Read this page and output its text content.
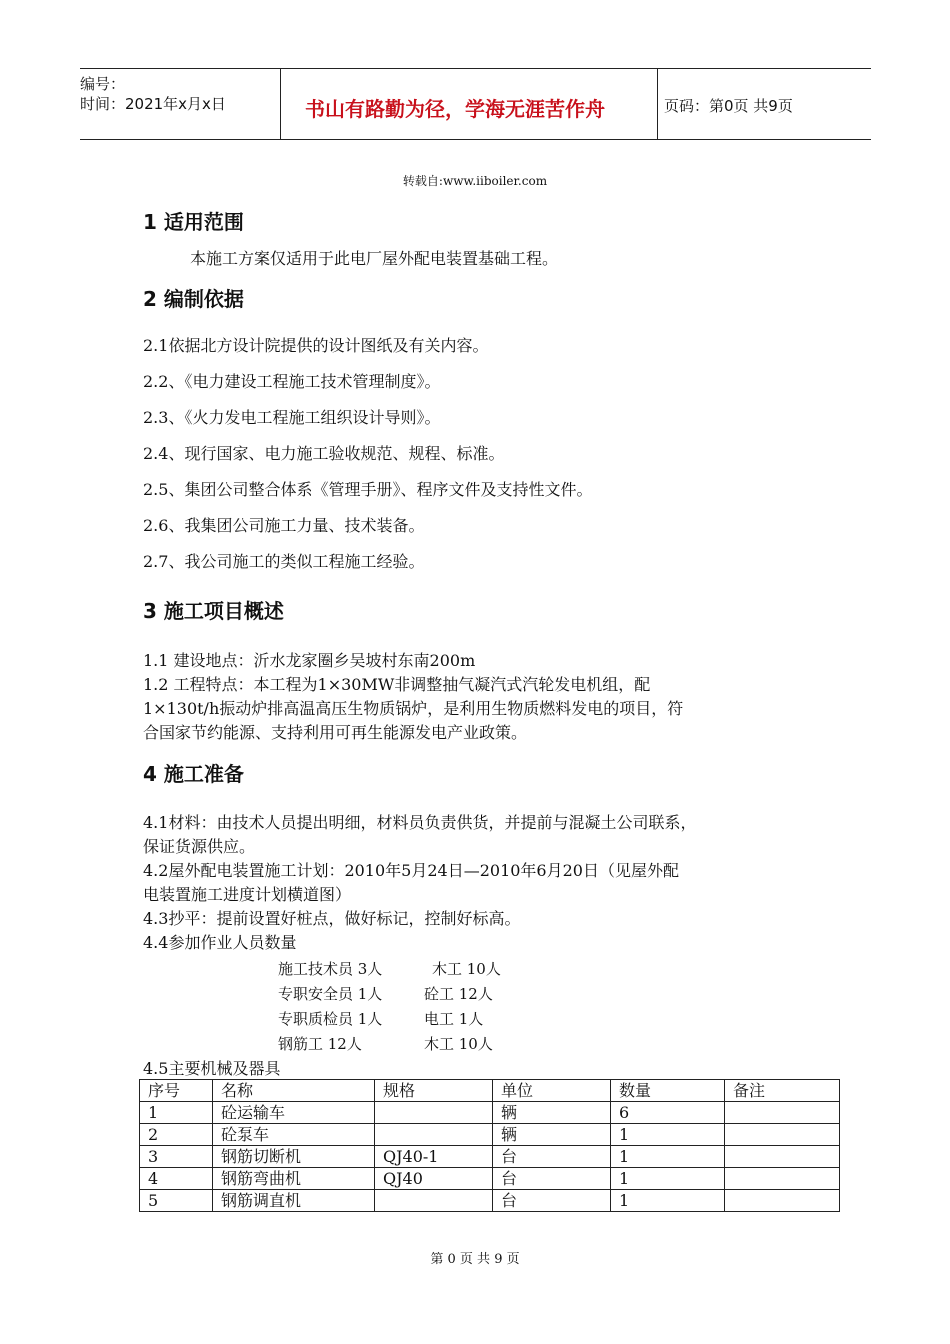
编号：
时间：2021年x月x日	书山有路勤为径，学海无涯苦作舟	页码：第0页 共9页
转载自:www.iiboiler.com
1 适用范围
本施工方案仅适用于此电厂屋外配电装置基础工程。
2 编制依据
2.1依据北方设计院提供的设计图纸及有关内容。
2.2、《电力建设工程施工技术管理制度》。
2.3、《火力发电工程施工组织设计导则》。
2.4、现行国家、电力施工验收规范、规程、标准。
2.5、集团公司整合体系《管理手册》、程序文件及支持性文件。
2.6、我集团公司施工力量、技术装备。
2.7、我公司施工的类似工程施工经验。
3 施工项目概述
1.1 建设地点：沂水龙家圈乡吴坡村东南200m
1.2 工程特点：本工程为1×30MW非调整抽气凝汽式汽轮发电机组，配
1×130t/h振动炉排高温高压生物质锅炉，是利用生物质燃料发电的项目，符
合国家节约能源、支持利用可再生能源发电产业政策。
4 施工准备
4.1材料：由技术人员提出明细，材料员负责供货，并提前与混凝土公司联系，
保证货源供应。
4.2屋外配电装置施工计划：2010年5月24日—2010年6月20日（见屋外配
电装置施工进度计划横道图）
4.3抄平：提前设置好桩点，做好标记，控制好标高。
4.4参加作业人员数量
施工技术员 3人	木工 10人
专职安全员 1人	砼工 12人
专职质检员 1人	电工 1人
钢筋工 12人	木工 10人
4.5主要机械及器具
序号	名称	规格	单位	数量	备注
1	砼运输车		辆	6	
2	砼泵车		辆	1	
3	钢筋切断机	QJ40-1	台	1	
4	钢筋弯曲机	QJ40	台	1	
5	钢筋调直机		台	1	
第 0 页 共 9 页
